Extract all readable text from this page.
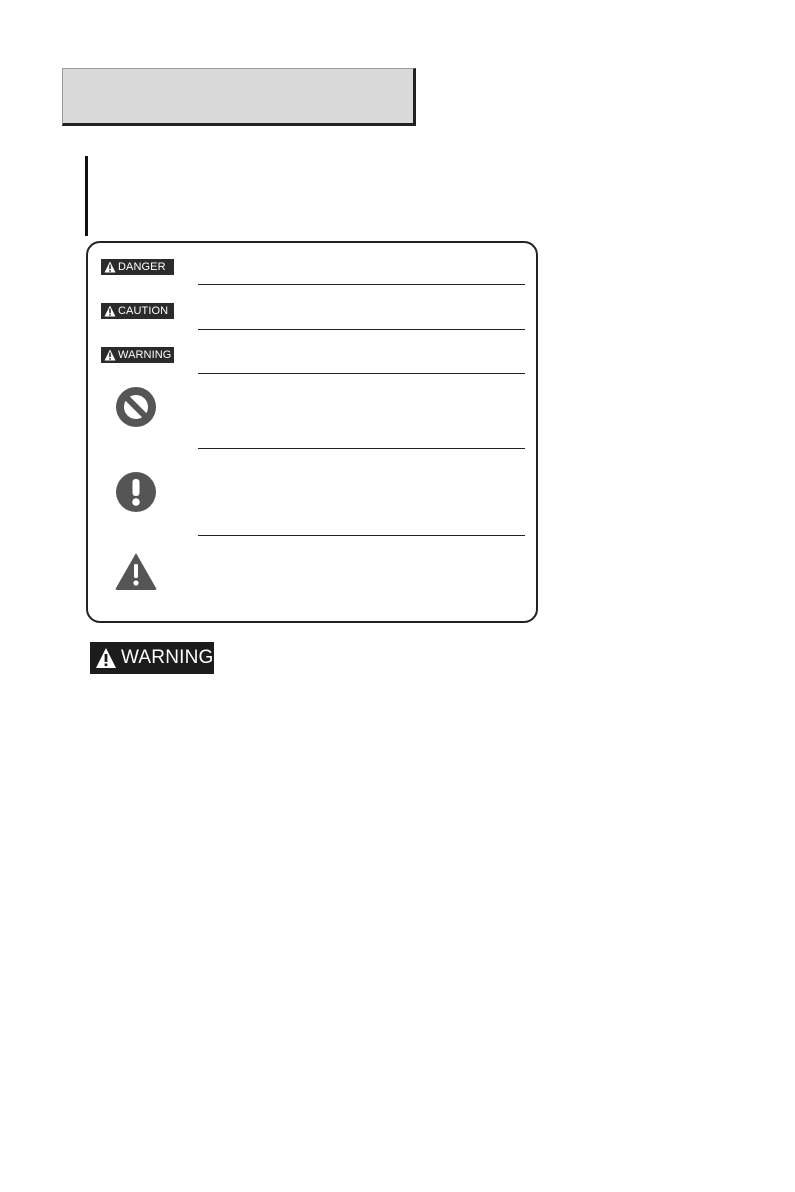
DANGER
CAUTION
WARNING
WARNING
